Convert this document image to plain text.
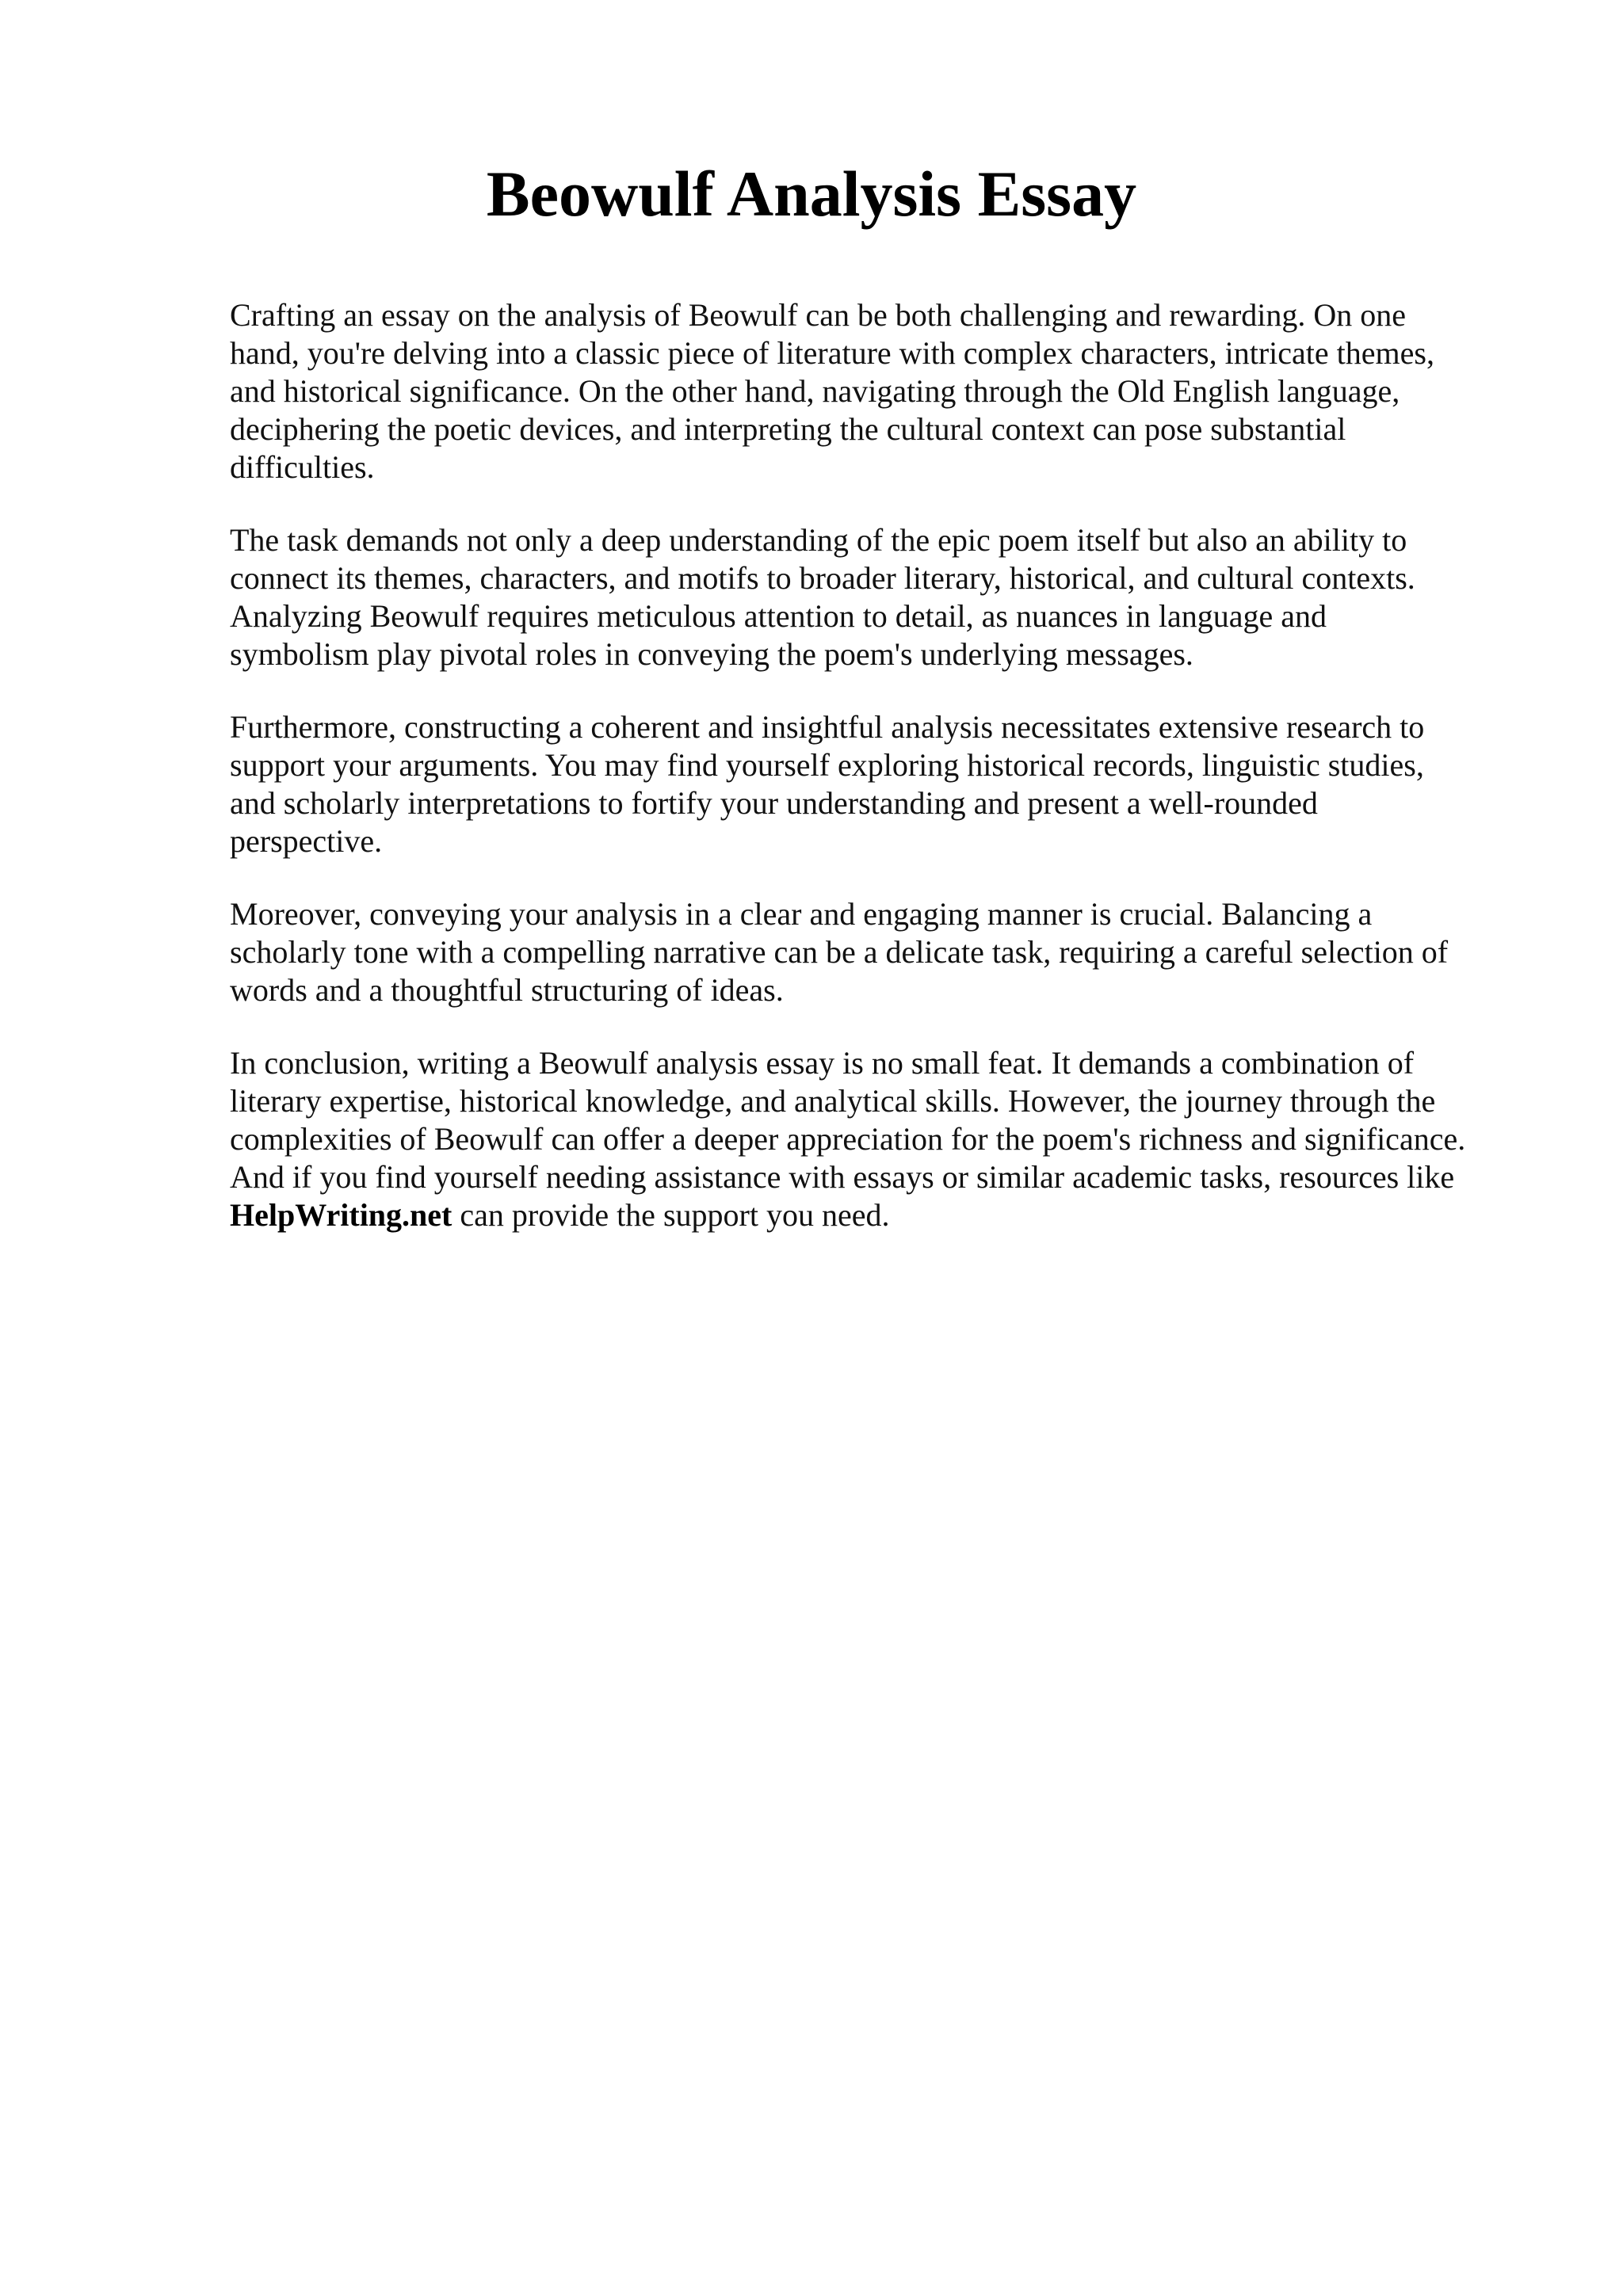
Beowulf Analysis Essay

Crafting an essay on the analysis of Beowulf can be both challenging and rewarding. On one
hand, you're delving into a classic piece of literature with complex characters, intricate themes,
and historical significance. On the other hand, navigating through the Old English language,
deciphering the poetic devices, and interpreting the cultural context can pose substantial
difficulties.

The task demands not only a deep understanding of the epic poem itself but also an ability to
connect its themes, characters, and motifs to broader literary, historical, and cultural contexts.
Analyzing Beowulf requires meticulous attention to detail, as nuances in language and
symbolism play pivotal roles in conveying the poem's underlying messages.

Furthermore, constructing a coherent and insightful analysis necessitates extensive research to
support your arguments. You may find yourself exploring historical records, linguistic studies,
and scholarly interpretations to fortify your understanding and present a well-rounded
perspective.

Moreover, conveying your analysis in a clear and engaging manner is crucial. Balancing a
scholarly tone with a compelling narrative can be a delicate task, requiring a careful selection of
words and a thoughtful structuring of ideas.

In conclusion, writing a Beowulf analysis essay is no small feat. It demands a combination of
literary expertise, historical knowledge, and analytical skills. However, the journey through the
complexities of Beowulf can offer a deeper appreciation for the poem's richness and significance.
And if you find yourself needing assistance with essays or similar academic tasks, resources like
HelpWriting.net can provide the support you need.
